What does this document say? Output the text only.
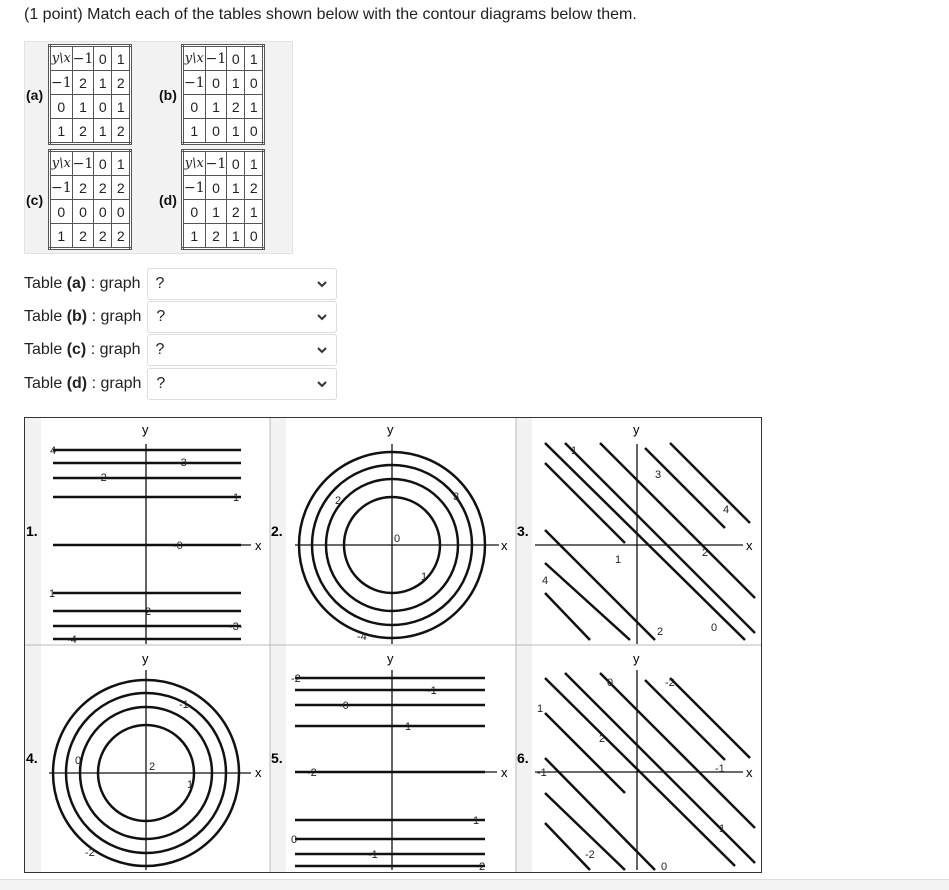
(1 point) Match each of the tables shown below with the contour diagrams below them.
(a)
y\x	−1	0	1
−1	2	1	2
0	1	0	1
1	2	1	2
(b)
y\x	−1	0	1
−1	0	1	0
0	1	2	1
1	0	1	0
(c)
y\x	−1	0	1
−1	2	2	2
0	0	0	0
1	2	2	2
(d)
y\x	−1	0	1
−1	0	1	2
0	1	2	1
1	2	1	0
Table (a) : graph ?
Table (b) : graph ?
Table (c) : graph ?
Table (d) : graph ?
y
x
y
x
y
x
y
x
y
x
y
x
1.	2.	3.
4.	5.	6.
4
-3
-2
1
-0
1
2
-3-
-4
2
0
3
1
-4
1
3
4
1
2
4
2	0
-1
0	2
1
-2
-2
-1
-0
1
-2
1
0
-1
2
0	-2
1
2
-1	-1
1
-2
0
